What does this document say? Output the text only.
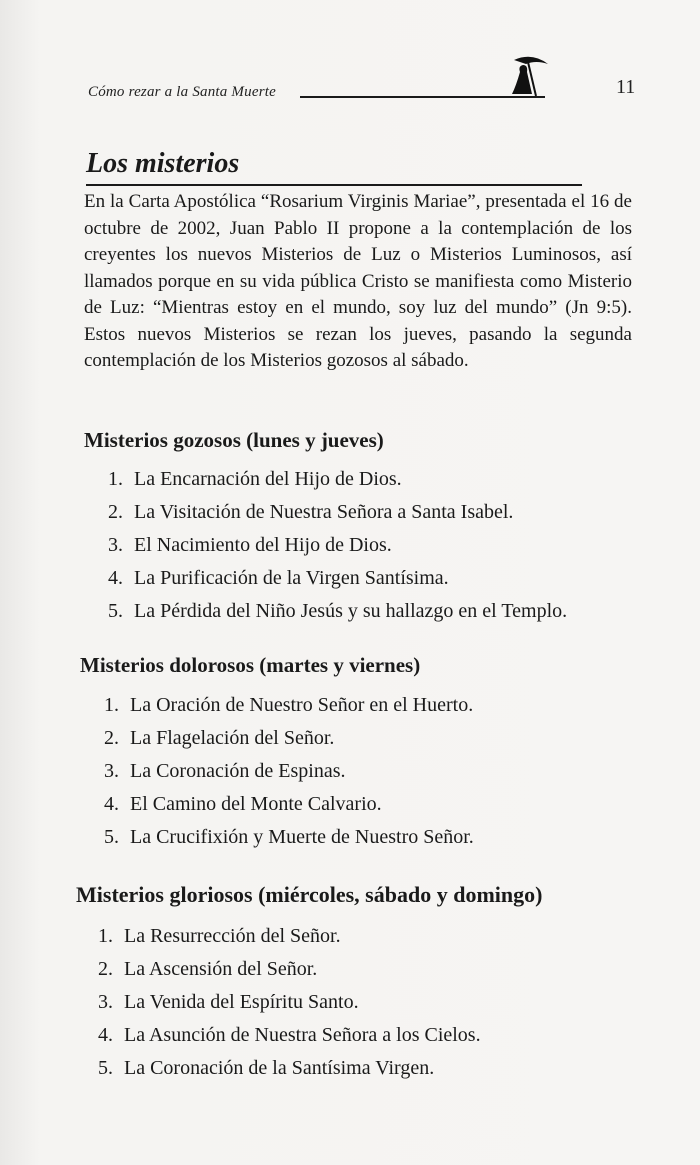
Cómo rezar a la Santa Muerte	11
Los misterios

En la Carta Apostólica “Rosarium Virginis Mariae”, presentada el 16 de octubre de 2002, Juan Pablo II propone a la contemplación de los creyentes los nuevos Misterios de Luz o Misterios Luminosos, así llamados porque en su vida pública Cristo se manifiesta como Misterio de Luz: “Mientras estoy en el mundo, soy luz del mundo” (Jn 9:5). Estos nuevos Misterios se rezan los jueves, pasando la segunda contemplación de los Misterios gozosos al sábado.

Misterios gozosos (lunes y jueves)
1. La Encarnación del Hijo de Dios.
2. La Visitación de Nuestra Señora a Santa Isabel.
3. El Nacimiento del Hijo de Dios.
4. La Purificación de la Virgen Santísima.
5. La Pérdida del Niño Jesús y su hallazgo en el Templo.
Misterios dolorosos (martes y viernes)
1. La Oración de Nuestro Señor en el Huerto.
2. La Flagelación del Señor.
3. La Coronación de Espinas.
4. El Camino del Monte Calvario.
5. La Crucifixión y Muerte de Nuestro Señor.
Misterios gloriosos (miércoles, sábado y domingo)
1. La Resurrección del Señor.
2. La Ascensión del Señor.
3. La Venida del Espíritu Santo.
4. La Asunción de Nuestra Señora a los Cielos.
5. La Coronación de la Santísima Virgen.
